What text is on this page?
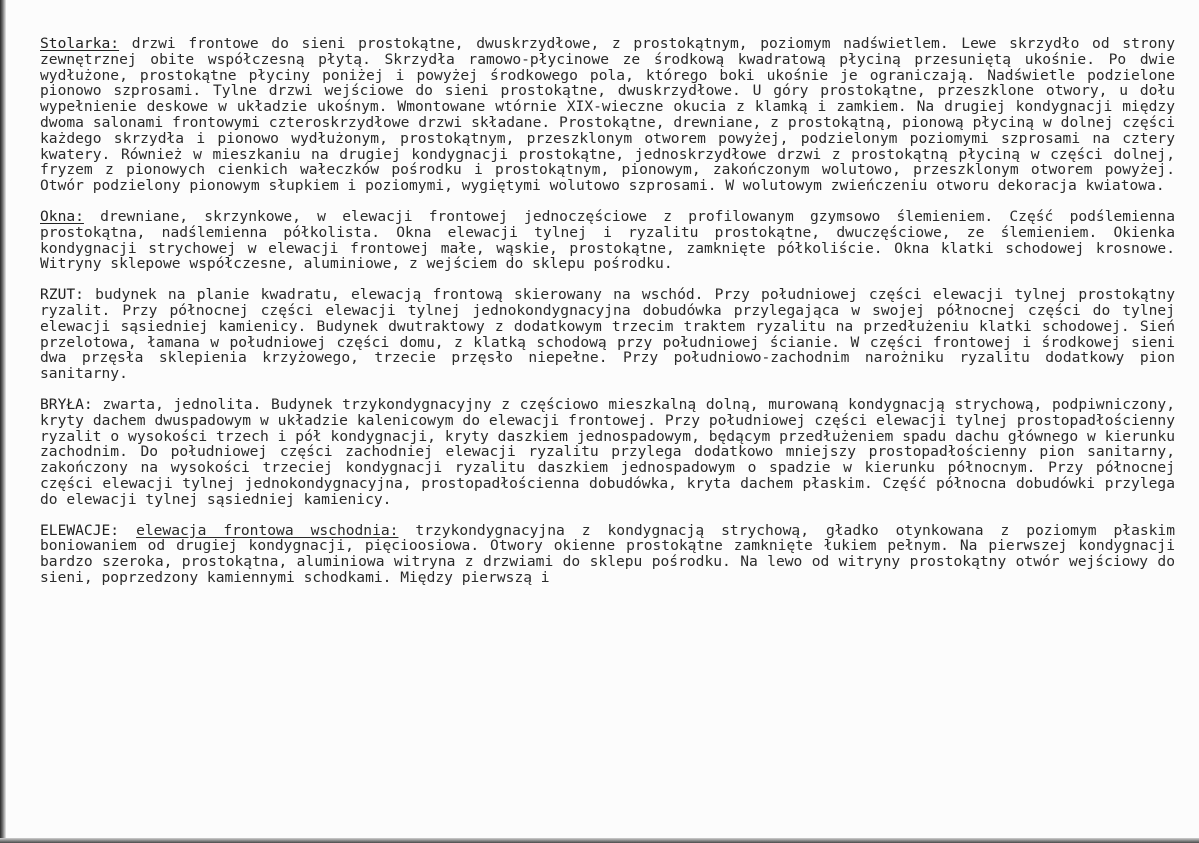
Stolarka: drzwi frontowe do sieni prostokątne, dwuskrzydłowe, z prostokątnym, poziomym nadświetlem. Lewe skrzydło od strony zewnętrznej obite współczesną płytą. Skrzydła ramowo-płycinowe ze środkową kwadratową płyciną przesuniętą ukośnie. Po dwie wydłużone, prostokątne płyciny poniżej i powyżej środkowego pola, którego boki ukośnie je ograniczają. Nadświetle podzielone pionowo szprosami. Tylne drzwi wejściowe do sieni prostokątne, dwuskrzydłowe. U góry prostokątne, przeszklone otwory, u dołu wypełnienie deskowe w układzie ukośnym. Wmontowane wtórnie XIX-wieczne okucia z klamką i zamkiem. Na drugiej kondygnacji między dwoma salonami frontowymi czteroskrzydłowe drzwi składane. Prostokątne, drewniane, z prostokątną, pionową płyciną w dolnej części każdego skrzydła i pionowo wydłużonym, prostokątnym, przeszklonym otworem powyżej, podzielonym poziomymi szprosami na cztery kwatery. Również w mieszkaniu na drugiej kondygnacji prostokątne, jednoskrzydłowe drzwi z prostokątną płyciną w części dolnej, fryzem z pionowych cienkich wałeczków pośrodku i prostokątnym, pionowym, zakończonym wolutowo, przeszklonym otworem powyżej. Otwór podzielony pionowym słupkiem i poziomymi, wygiętymi wolutowo szprosami. W wolutowym zwieńczeniu otworu dekoracja kwiatowa.

Okna: drewniane, skrzynkowe, w elewacji frontowej jednoczęściowe z profilowanym gzymsowo ślemieniem. Część podślemienna prostokątna, nadślemienna półkolista. Okna elewacji tylnej i ryzalitu prostokątne, dwuczęściowe, ze ślemieniem. Okienka kondygnacji strychowej w elewacji frontowej małe, wąskie, prostokątne, zamknięte półkoliście. Okna klatki schodowej krosnowe. Witryny sklepowe współczesne, aluminiowe, z wejściem do sklepu pośrodku.

RZUT: budynek na planie kwadratu, elewacją frontową skierowany na wschód. Przy południowej części elewacji tylnej prostokątny ryzalit. Przy północnej części elewacji tylnej jednokondygnacyjna dobudówka przylegająca w swojej północnej części do tylnej elewacji sąsiedniej kamienicy. Budynek dwutraktowy z dodatkowym trzecim traktem ryzalitu na przedłużeniu klatki schodowej. Sień przelotowa, łamana w południowej części domu, z klatką schodową przy południowej ścianie. W części frontowej i środkowej sieni dwa przęsła sklepienia krzyżowego, trzecie przęsło niepełne. Przy południowo-zachodnim narożniku ryzalitu dodatkowy pion sanitarny.

BRYŁA: zwarta, jednolita. Budynek trzykondygnacyjny z częściowo mieszkalną dolną, murowaną kondygnacją strychową, podpiwniczony, kryty dachem dwuspadowym w układzie kalenicowym do elewacji frontowej. Przy południowej części elewacji tylnej prostopadłościenny ryzalit o wysokości trzech i pół kondygnacji, kryty daszkiem jednospadowym, będącym przedłużeniem spadu dachu głównego w kierunku zachodnim. Do południowej części zachodniej elewacji ryzalitu przylega dodatkowo mniejszy prostopadłościenny pion sanitarny, zakończony na wysokości trzeciej kondygnacji ryzalitu daszkiem jednospadowym o spadzie w kierunku północnym. Przy północnej części elewacji tylnej jednokondygnacyjna, prostopadłościenna dobudówka, kryta dachem płaskim. Część północna dobudówki przylega do elewacji tylnej sąsiedniej kamienicy.

ELEWACJE: elewacja frontowa wschodnia: trzykondygnacyjna z kondygnacją strychową, gładko otynkowana z poziomym płaskim boniowaniem od drugiej kondygnacji, pięcioosiowa. Otwory okienne prostokątne zamknięte łukiem pełnym. Na pierwszej kondygnacji bardzo szeroka, prostokątna, aluminiowa witryna z drzwiami do sklepu pośrodku. Na lewo od witryny prostokątny otwór wejściowy do sieni, poprzedzony kamiennymi schodkami. Między pierwszą i
